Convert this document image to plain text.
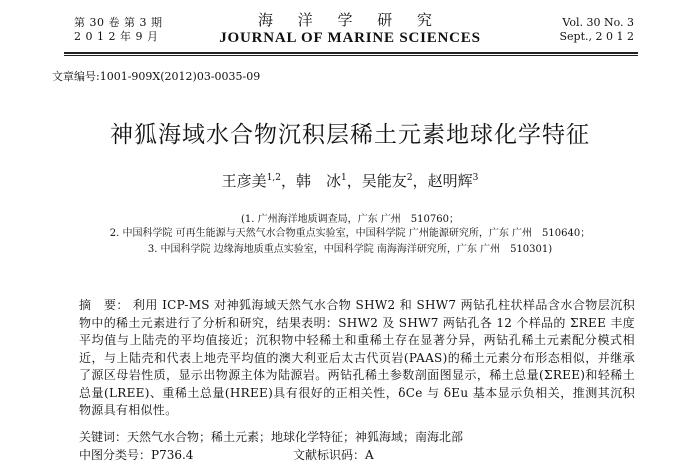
第 30 卷 第 3 期
2 0 1 2 年 9 月
海 洋 学 研 究
JOURNAL OF MARINE SCIENCES
Vol. 30 No. 3
Sept., 2 0 1 2
文章编号:1001-909X(2012)03-0035-09
神狐海域水合物沉积层稀土元素地球化学特征
王彦美$^{1,2}$，韩　冰$^1$，吴能友$^2$，赵明辉$^3$
(1. 广州海洋地质调查局，广东 广州　510760；
2. 中国科学院 可再生能源与天然气水合物重点实验室，中国科学院 广州能源研究所，广东 广州　510640；
3. 中国科学院 边缘海地质重点实验室，中国科学院 南海海洋研究所，广东 广州　510301)
摘　要： 利用 ICP-MS 对神狐海域天然气水合物 SHW2 和 SHW7 两钻孔柱状样品含水合物层沉积物中的稀土元素进行了分析和研究，结果表明：SHW2 及 SHW7 两钻孔各 12 个样品的 ΣREE 丰度平均值与上陆壳的平均值接近；沉积物中轻稀土和重稀土存在显著分异，两钻孔稀土元素配分模式相近，与上陆壳和代表上地壳平均值的澳大利亚后太古代页岩(PAAS)的稀土元素分布形态相似，并继承了源区母岩性质，显示出物源主体为陆源岩。两钻孔稀土参数剖面图显示，稀土总量(ΣREE)和轻稀土总量(LREE)、重稀土总量(HREE)具有很好的正相关性，δCe 与 δEu 基本显示负相关，推测其沉积物源具有相似性。
关键词：天然气水合物；稀土元素；地球化学特征；神狐海域；南海北部
中图分类号：P736.4	文献标识码：A
